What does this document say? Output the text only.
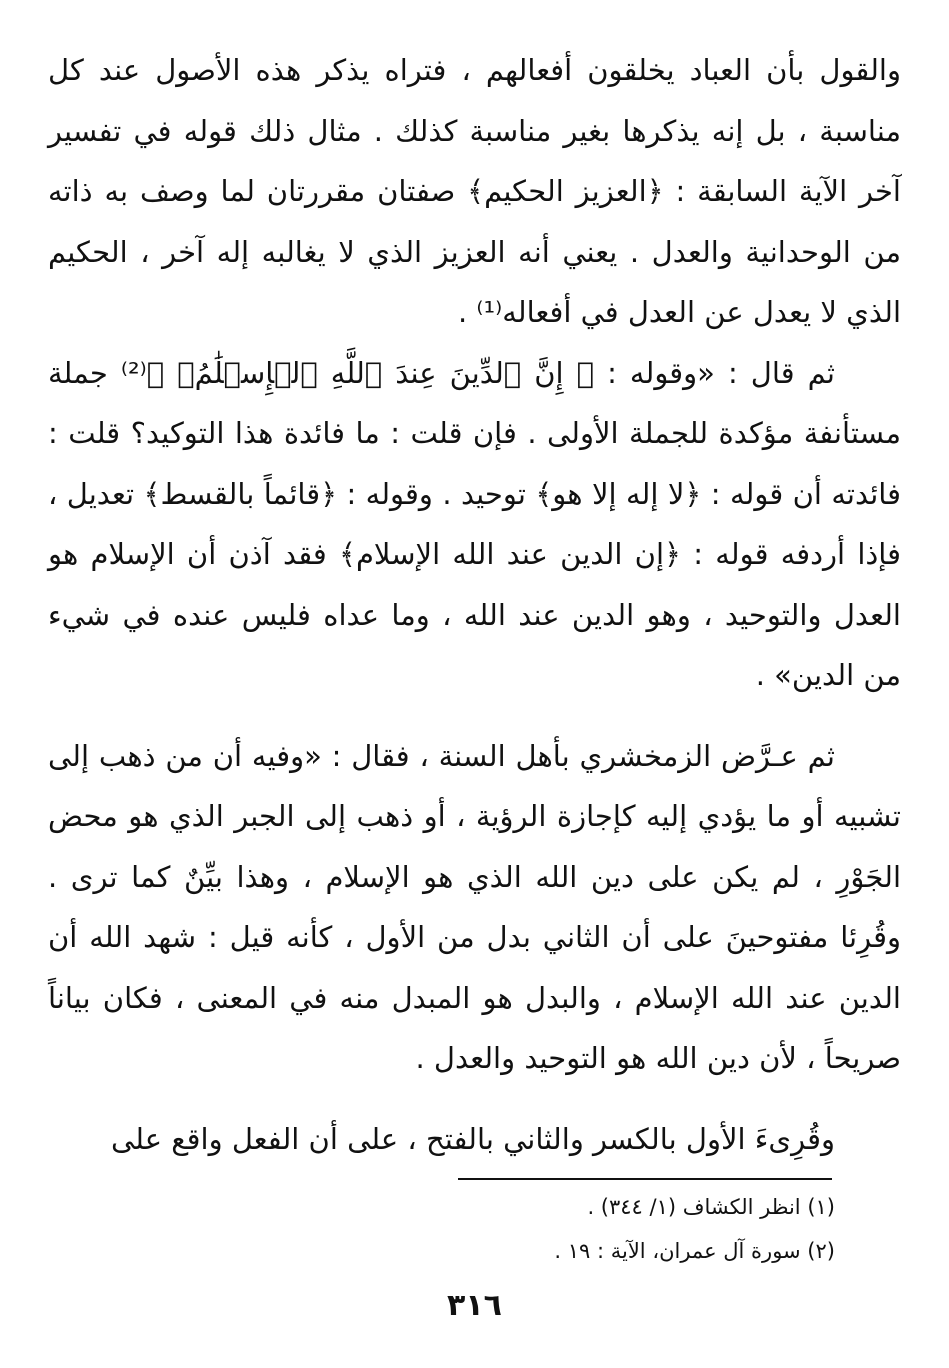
والقول بأن العباد يخلقون أفعالهم ، فتراه يذكر هذه الأصول عند كل مناسبة ، بل إنه يذكرها بغير مناسبة كذلك . مثال ذلك قوله في تفسير آخر الآية السابقة : ﴿العزيز الحكيم﴾ صفتان مقررتان لما وصف به ذاته من الوحدانية والعدل . يعني أنه العزيز الذي لا يغالبه إله آخر ، الحكيم الذي لا يعدل عن العدل في أفعاله⁽¹⁾ .

ثم قال : «وقوله : ﴿ إِنَّ ٱلدِّينَ عِندَ ٱللَّهِ ٱلۡإِسۡلَٰمُۗ ﴾⁽²⁾ جملة مستأنفة مؤكدة للجملة الأولى . فإن قلت : ما فائدة هذا التوكيد؟ قلت : فائدته أن قوله : ﴿لا إله إلا هو﴾ توحيد . وقوله : ﴿قائماً بالقسط﴾ تعديل ، فإذا أردفه قوله : ﴿إن الدين عند الله الإسلام﴾ فقد آذن أن الإسلام هو العدل والتوحيد ، وهو الدين عند الله ، وما عداه فليس عنده في شيء من الدين» .

ثم عـرَّض الزمخشري بأهل السنة ، فقال : «وفيه أن من ذهب إلى تشبيه أو ما يؤدي إليه كإجازة الرؤية ، أو ذهب إلى الجبر الذي هو محض الجَوْرِ ، لم يكن على دين الله الذي هو الإسلام ، وهذا بيِّنٌ كما ترى . وقُرِئا مفتوحينَ على أن الثاني بدل من الأول ، كأنه قيل : شهد الله أن الدين عند الله الإسلام ، والبدل هو المبدل منه في المعنى ، فكان بياناً صريحاً ، لأن دين الله هو التوحيد والعدل .

وقُرِىءَ الأول بالكسر والثاني بالفتح ، على أن الفعل واقع على

(١) انظر الكشاف (١/ ٣٤٤) .
(٢) سورة آل عمران، الآية : ١٩ .
٣١٦
